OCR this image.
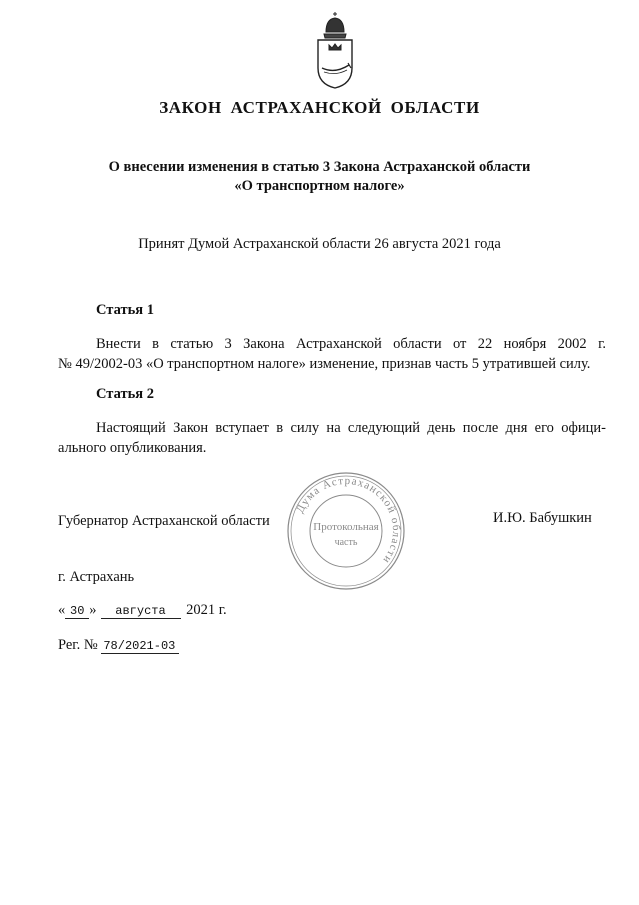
ЗАКОН АСТРАХАНСКОЙ ОБЛАСТИ
О внесении изменения в статью 3 Закона Астраханской области
«О транспортном налоге»
Принят Думой Астраханской области 26 августа 2021 года
Статья 1
Внести в статью 3 Закона Астраханской области от 22 ноября 2002 г.
№ 49/2002-03 «О транспортном налоге» изменение, признав часть 5 утратившей силу.
Статья 2
Настоящий Закон вступает в силу на следующий день после дня его офици-
ального опубликования.
Губернатор Астраханской области
Дума Астраханской области
Протокольная
часть
И.Ю. Бабушкин
г. Астрахань
« 30 » августа 2021 г.
Рег. № 78/2021-03
